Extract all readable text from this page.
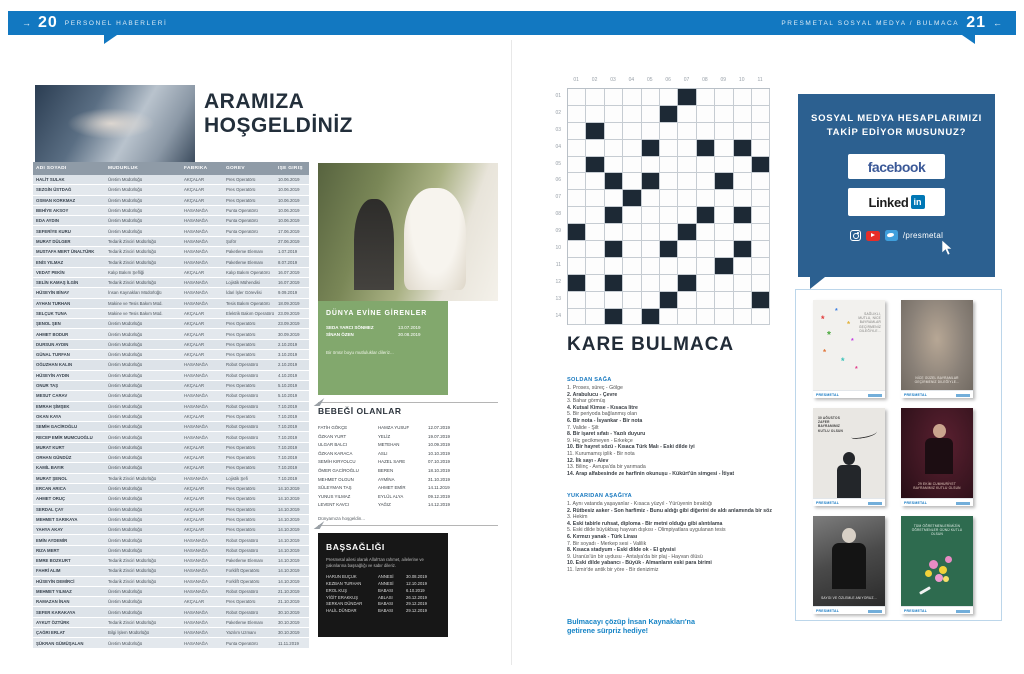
→ 20 PERSONEL HABERLERİ	PRESMETAL SOSYAL MEDYA / BULMACA 21 ←
ARAMIZA
HOŞGELDİNİZ
ADI SOYADI	MÜDÜRLÜK	FABRİKA	GÖREV	İŞE GİRİŞ
HALİT SULAK	Üretim Müdürlüğü	AKÇALAR	Pres Operatörü	10.06.2019
SEZGİN ÜSTDAĞ	Üretim Müdürlüğü	AKÇALAR	Pres Operatörü	10.06.2019
OSMAN KORKMAZ	Üretim Müdürlüğü	AKÇALAR	Pres Operatörü	10.06.2019
BEHİYE AKSOY	Üretim Müdürlüğü	HASANAĞA	Punta Operatörü	10.06.2019
EDA AYDIN	Üretim Müdürlüğü	HASANAĞA	Punta Operatörü	10.06.2019
SEFERİYE KURU	Üretim Müdürlüğü	HASANAĞA	Punta Operatörü	17.06.2019
MURAT DÜLGER	Tedarik Zinciri Müdürlüğü	HASANAĞA	Şoför	27.06.2019
MUSTAFA MERT ÜNALTÜRK	Tedarik Zinciri Müdürlüğü	HASANAĞA	Paketleme Elemanı	1.07.2019
ENİS YILMAZ	Tedarik Zinciri Müdürlüğü	HASANAĞA	Paketleme Elemanı	8.07.2019
VEDAT PEKİN	Kalıp Bakım Şefliği	AKÇALAR	Kalıp Bakım Operatörü	16.07.2019
SELİN KAMAŞ İLGİN	Tedarik Zinciri Müdürlüğü	HASANAĞA	Lojistik Mühendisi	16.07.2019
HÜSEYİN BİNAY	İnsan Kaynakları Müdürlüğü	HASANAĞA	İdari İşler Görevlisi	9.09.2019
AYHAN TURHAN	Makine ve Tesis Bakım Müd.	HASANAĞA	Tesis Bakım Operatörü	18.09.2019
SELÇUK TUNA	Makine ve Tesis Bakım Müd.	AKÇALAR	Elektrik Bakım Operatörü 23.09.2019
ŞENOL ŞEN	Üretim Müdürlüğü	AKÇALAR	Pres Operatörü	23.09.2019
AHMET BODUR	Üretim Müdürlüğü	AKÇALAR	Pres Operatörü	30.09.2019
DURSUN AYDIN	Üretim Müdürlüğü	AKÇALAR	Pres Operatörü	2.10.2019
GÜNAL TURFAN	Üretim Müdürlüğü	AKÇALAR	Pres Operatörü	3.10.2019
OĞUZHAN KALIN	Üretim Müdürlüğü	HASANAĞA	Robot Operatörü	2.10.2019
HÜSEYİN AYDIN	Üretim Müdürlüğü	HASANAĞA	Robot Operatörü	4.10.2019
ONUR TAŞ	Üretim Müdürlüğü	AKÇALAR	Pres Operatörü	5.10.2019
MESUT CARAV	Üretim Müdürlüğü	HASANAĞA	Robot Operatörü	5.10.2019
EMRAH ŞİMŞEK	Üretim Müdürlüğü	HASANAĞA	Robot Operatörü	7.10.2019
OKAN KAYA	Üretim Müdürlüğü	AKÇALAR	Pres Operatörü	7.10.2019
SEMİH GACİROĞLU	Üretim Müdürlüğü	HASANAĞA	Robot Operatörü	7.10.2019
RECEP EMİR MUMCUOĞLU	Üretim Müdürlüğü	HASANAĞA	Robot Operatörü	7.10.2019
MURAT KURT	Üretim Müdürlüğü	AKÇALAR	Pres Operatörü	7.10.2019
ORHAN GÜNDÜZ	Üretim Müdürlüğü	AKÇALAR	Pres Operatörü	7.10.2019
KAMİL BAYIR	Üretim Müdürlüğü	AKÇALAR	Pres Operatörü	7.10.2019
MURAT ŞENOL	Tedarik Zinciri Müdürlüğü	HASANAĞA	Lojistik Şefi	7.10.2019
ERCAN ARICA	Üretim Müdürlüğü	AKÇALAR	Pres Operatörü	14.10.2019
AHMET ORUÇ	Üretim Müdürlüğü	AKÇALAR	Pres Operatörü	14.10.2019
SERDAL ÇAY	Üretim Müdürlüğü	AKÇALAR	Pres Operatörü	14.10.2019
MEHMET SARIKAYA	Üretim Müdürlüğü	AKÇALAR	Pres Operatörü	14.10.2019
YAHYA AKAY	Üretim Müdürlüğü	AKÇALAR	Pres Operatörü	14.10.2019
EMİN AYDEMİR	Üretim Müdürlüğü	HASANAĞA	Robot Operatörü	14.10.2019
RIZA MERT	Üretim Müdürlüğü	HASANAĞA	Robot Operatörü	14.10.2019
EMRE BOZKURT	Tedarik Zinciri Müdürlüğü	HASANAĞA	Paketleme Elemanı	14.10.2019
FAHRİ ALIM	Tedarik Zinciri Müdürlüğü	HASANAĞA	Forklift Operatörü	14.10.2019
HÜSEYİN DEMİRCİ	Tedarik Zinciri Müdürlüğü	HASANAĞA	Forklift Operatörü	14.10.2019
MEHMET YILMAZ	Üretim Müdürlüğü	HASANAĞA	Robot Operatörü	21.10.2019
RAMAZAN İNAN	Üretim Müdürlüğü	AKÇALAR	Pres Operatörü	21.10.2019
SEFER KARAKAYA	Üretim Müdürlüğü	HASANAĞA	Robot Operatörü	30.10.2019
AYKUT ÖZTÜRK	Tedarik Zinciri Müdürlüğü	HASANAĞA	Paketleme Elemanı	30.10.2019
ÇAĞRI ERLAT	Bilgi İşlem Müdürlüğü	HASANAĞA	Yazılım Uzmanı	30.10.2019
ŞÜKRAN GÜMÜŞALAN	Üretim Müdürlüğü	HASANAĞA	Punta Operatörü	11.11.2019
DÜNYA EVİNE GİRENLER
SEDA YARCI SÖNMEZ	13.07.2019
SİNAN ÖZEN	30.08.2019
Bir ömür boyu mutluluklar dileriz...
BEBEĞİ OLANLAR
FATİH GÖKÇE	HAMZA YUSUF	12.07.2019
ÖZKAN YURT	YELİZ	19.07.2019
ULGAR BALCI	METEHAN	10.09.2019
ÖZKAN KARACA	ASLI	10.10.2019
SEMİH KIRYOLCU	HAZEL SARE	07.10.2019
ÖMER GACİROĞLU	BEREN	18.10.2019
MEHMET OLGUN	AYMİNA	31.10.2019
SÜLEYMAN TAŞ	AHMET EMİR	14.11.2019
YUNUS YILMAZ	EYLÜL ALYA	09.12.2019
LEVENT KAVCI	YAĞIZ	14.12.2019
Dünyamıza hoşgeldin...
BAŞSAĞLIĞI
Presmetal ailesi olarak Allah'tan rahmet, ailelerine ve yakınlarına başsağlığı ve sabır dileriz.
HARUN BUÇUK	ANNESİ	30.08.2019
KEZBAN TURHAN	ANNESİ	12.10.2019
EROL KUŞ	BABASI	6.10.2019
YİĞİT ERAKKUŞ	ABLASI	26.12.2019
SERKAN DÜNDAR	BABASI	29.12.2019
HALİL DÜNDAR	BABASI	29.12.2019
01	02	03	04	05	06	07	08	09	10	11
01
02
03
04
05
06
07
08
09
10
11
12
13
14
KARE BULMACA
SOLDAN SAĞA
1. Proses, süreç - Gölge
2. Arabulucu - Çevre
3. Bahar görmüş
4. Kutsal Kimse - Kısaca litre
5. Bir periyoda bağlanmış olan
6. Bir nota - İsyankar - Bir nota
7. Valide - Şilt
8. Bir işaret sıfatı - Yazılı duyuru
9. Hiç gecikmeyen - Erkekçe
10. Bir hayret sözü - Kısaca Türk Malı - Eski dilde iyi
11. Kurumamış iplik - Bir nota
12. İlk sayı - Alev
13. Bilinç - Avrupa'da bir yarımada
14. Arap alfabesinde ze harfinin okunuşu - Kükürt'ün simgesi - İtiyat
YUKARIDAN AŞAĞIYA
1. Aynı vatanda yaşayanlar - Kısaca yüzyıl - Yürüyenin bıraktığı
2. Rütbesiz asker - Son harfimiz - Bunu aldığı gibi diğerini de aldı anlamında bir söz
3. Hekim
4. Eski tabirle ruhsat, diploma - Bir metni olduğu gibi alıntılama
5. Eski dilde büyükbaş hayvan dışkısı - Olimpiyatlara uygulanan tesis
6. Kırmızı yanak - Türk Lirası
7. Bir soyadı - Merkep sesi - Valilik
8. Kısaca stadyum - Eski dilde ok - El giysisi
9. Uranüs'ün bir uydusu - Antalya'da bir plaj - Hayvan ölüsü
10. Eski dilde yabancı - Büyük - Almanların eski para birimi
11. İzmir'de antik bir yöre - Bir denizimiz
Bulmacayı çözüp İnsan Kaynakları'na getirene sürpriz hediye!
SOSYAL MEDYA HESAPLARIMIZI
TAKİP EDİYOR MUSUNUZ?
facebook
Linked in
/presmetal
*
*
*
*
*
*
*
*
SAĞLIKLI, MUTLU, NİCE BAYRAMLAR GEÇİRMENİZ DİLEĞİYLE...
PRESMETAL
NİCE GÜZEL BAYRAMLAR GEÇİRMENİZ DİLEĞİYLE...
PRESMETAL
30 AĞUSTOS ZAFER BAYRAMIMIZ KUTLU OLSUN
PRESMETAL
29 EKİM CUMHURİYET BAYRAMIMIZ KUTLU OLSUN
PRESMETAL
SAYGI VE ÖZLEMLE ANIYORUZ...
PRESMETAL
TÜM ÖĞRETMENLERİMİZİN ÖĞRETMENLER GÜNÜ KUTLU OLSUN
PRESMETAL
